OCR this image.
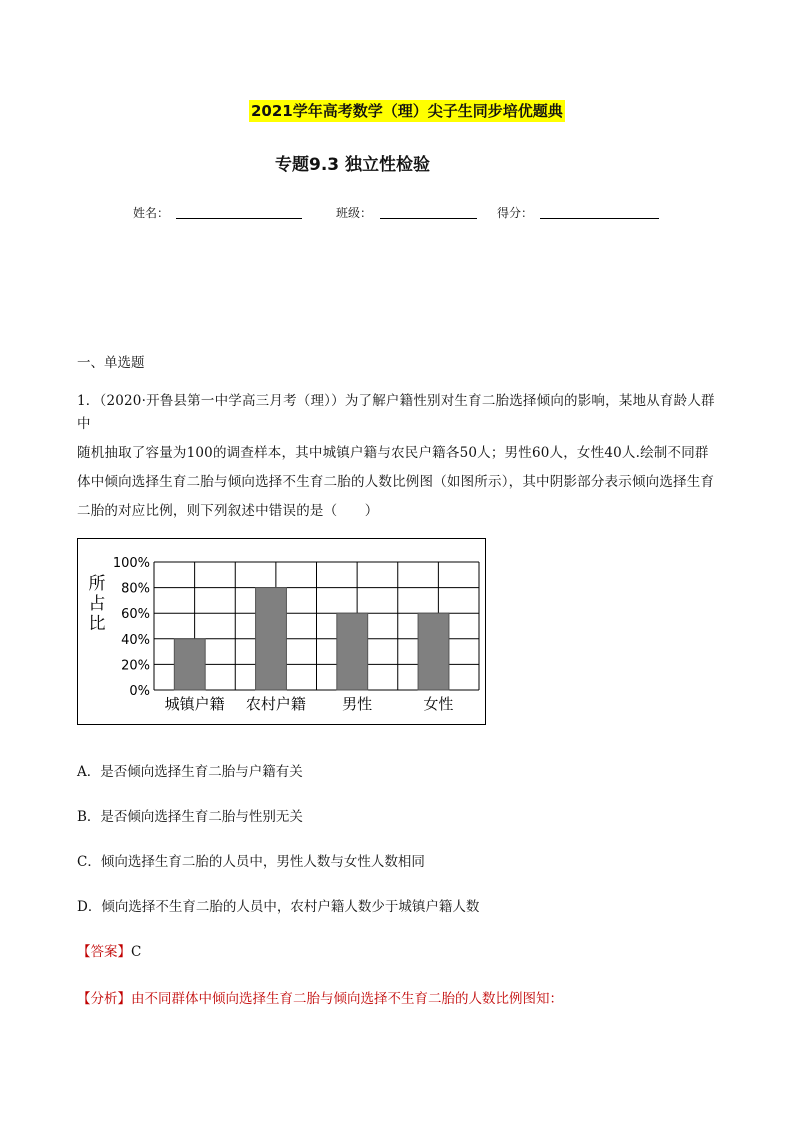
2021学年高考数学（理）尖子生同步培优题典
专题9.3 独立性检验
姓名：	班级：	得分：
一、单选题

1．（2020·开鲁县第一中学高三月考（理））为了解户籍性别对生育二胎选择倾向的影响，某地从育龄人群中

随机抽取了容量为100的调查样本，其中城镇户籍与农民户籍各50人；男性60人，女性40人.绘制不同群

体中倾向选择生育二胎与倾向选择不生育二胎的人数比例图（如图所示），其中阴影部分表示倾向选择生育

二胎的对应比例，则下列叙述中错误的是（　　）

100%
80%
60%
40%
20%
0%
城镇户籍 农村户籍 男性	女性
所
占
比
A．是否倾向选择生育二胎与户籍有关
B．是否倾向选择生育二胎与性别无关
C．倾向选择生育二胎的人员中，男性人数与女性人数相同
D．倾向选择不生育二胎的人员中，农村户籍人数少于城镇户籍人数
【答案】C
【分析】由不同群体中倾向选择生育二胎与倾向选择不生育二胎的人数比例图知：
